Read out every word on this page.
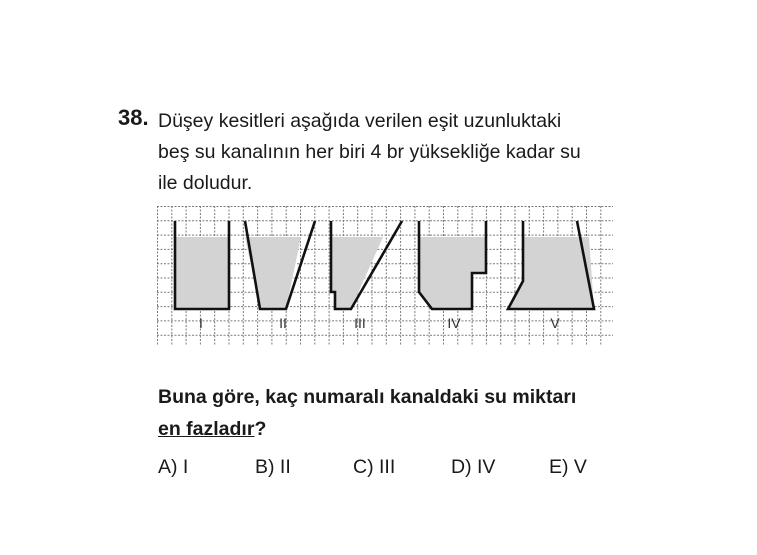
38. Düşey kesitleri aşağıda verilen eşit uzunluktaki
beş su kanalının her biri 4 br yüksekliğe kadar su
ile doludur.
I	II	III	IV	V
Buna göre, kaç numaralı kanaldaki su miktarı
en fazladır?
A) I	B) II	C) III	D) IV	E) V
